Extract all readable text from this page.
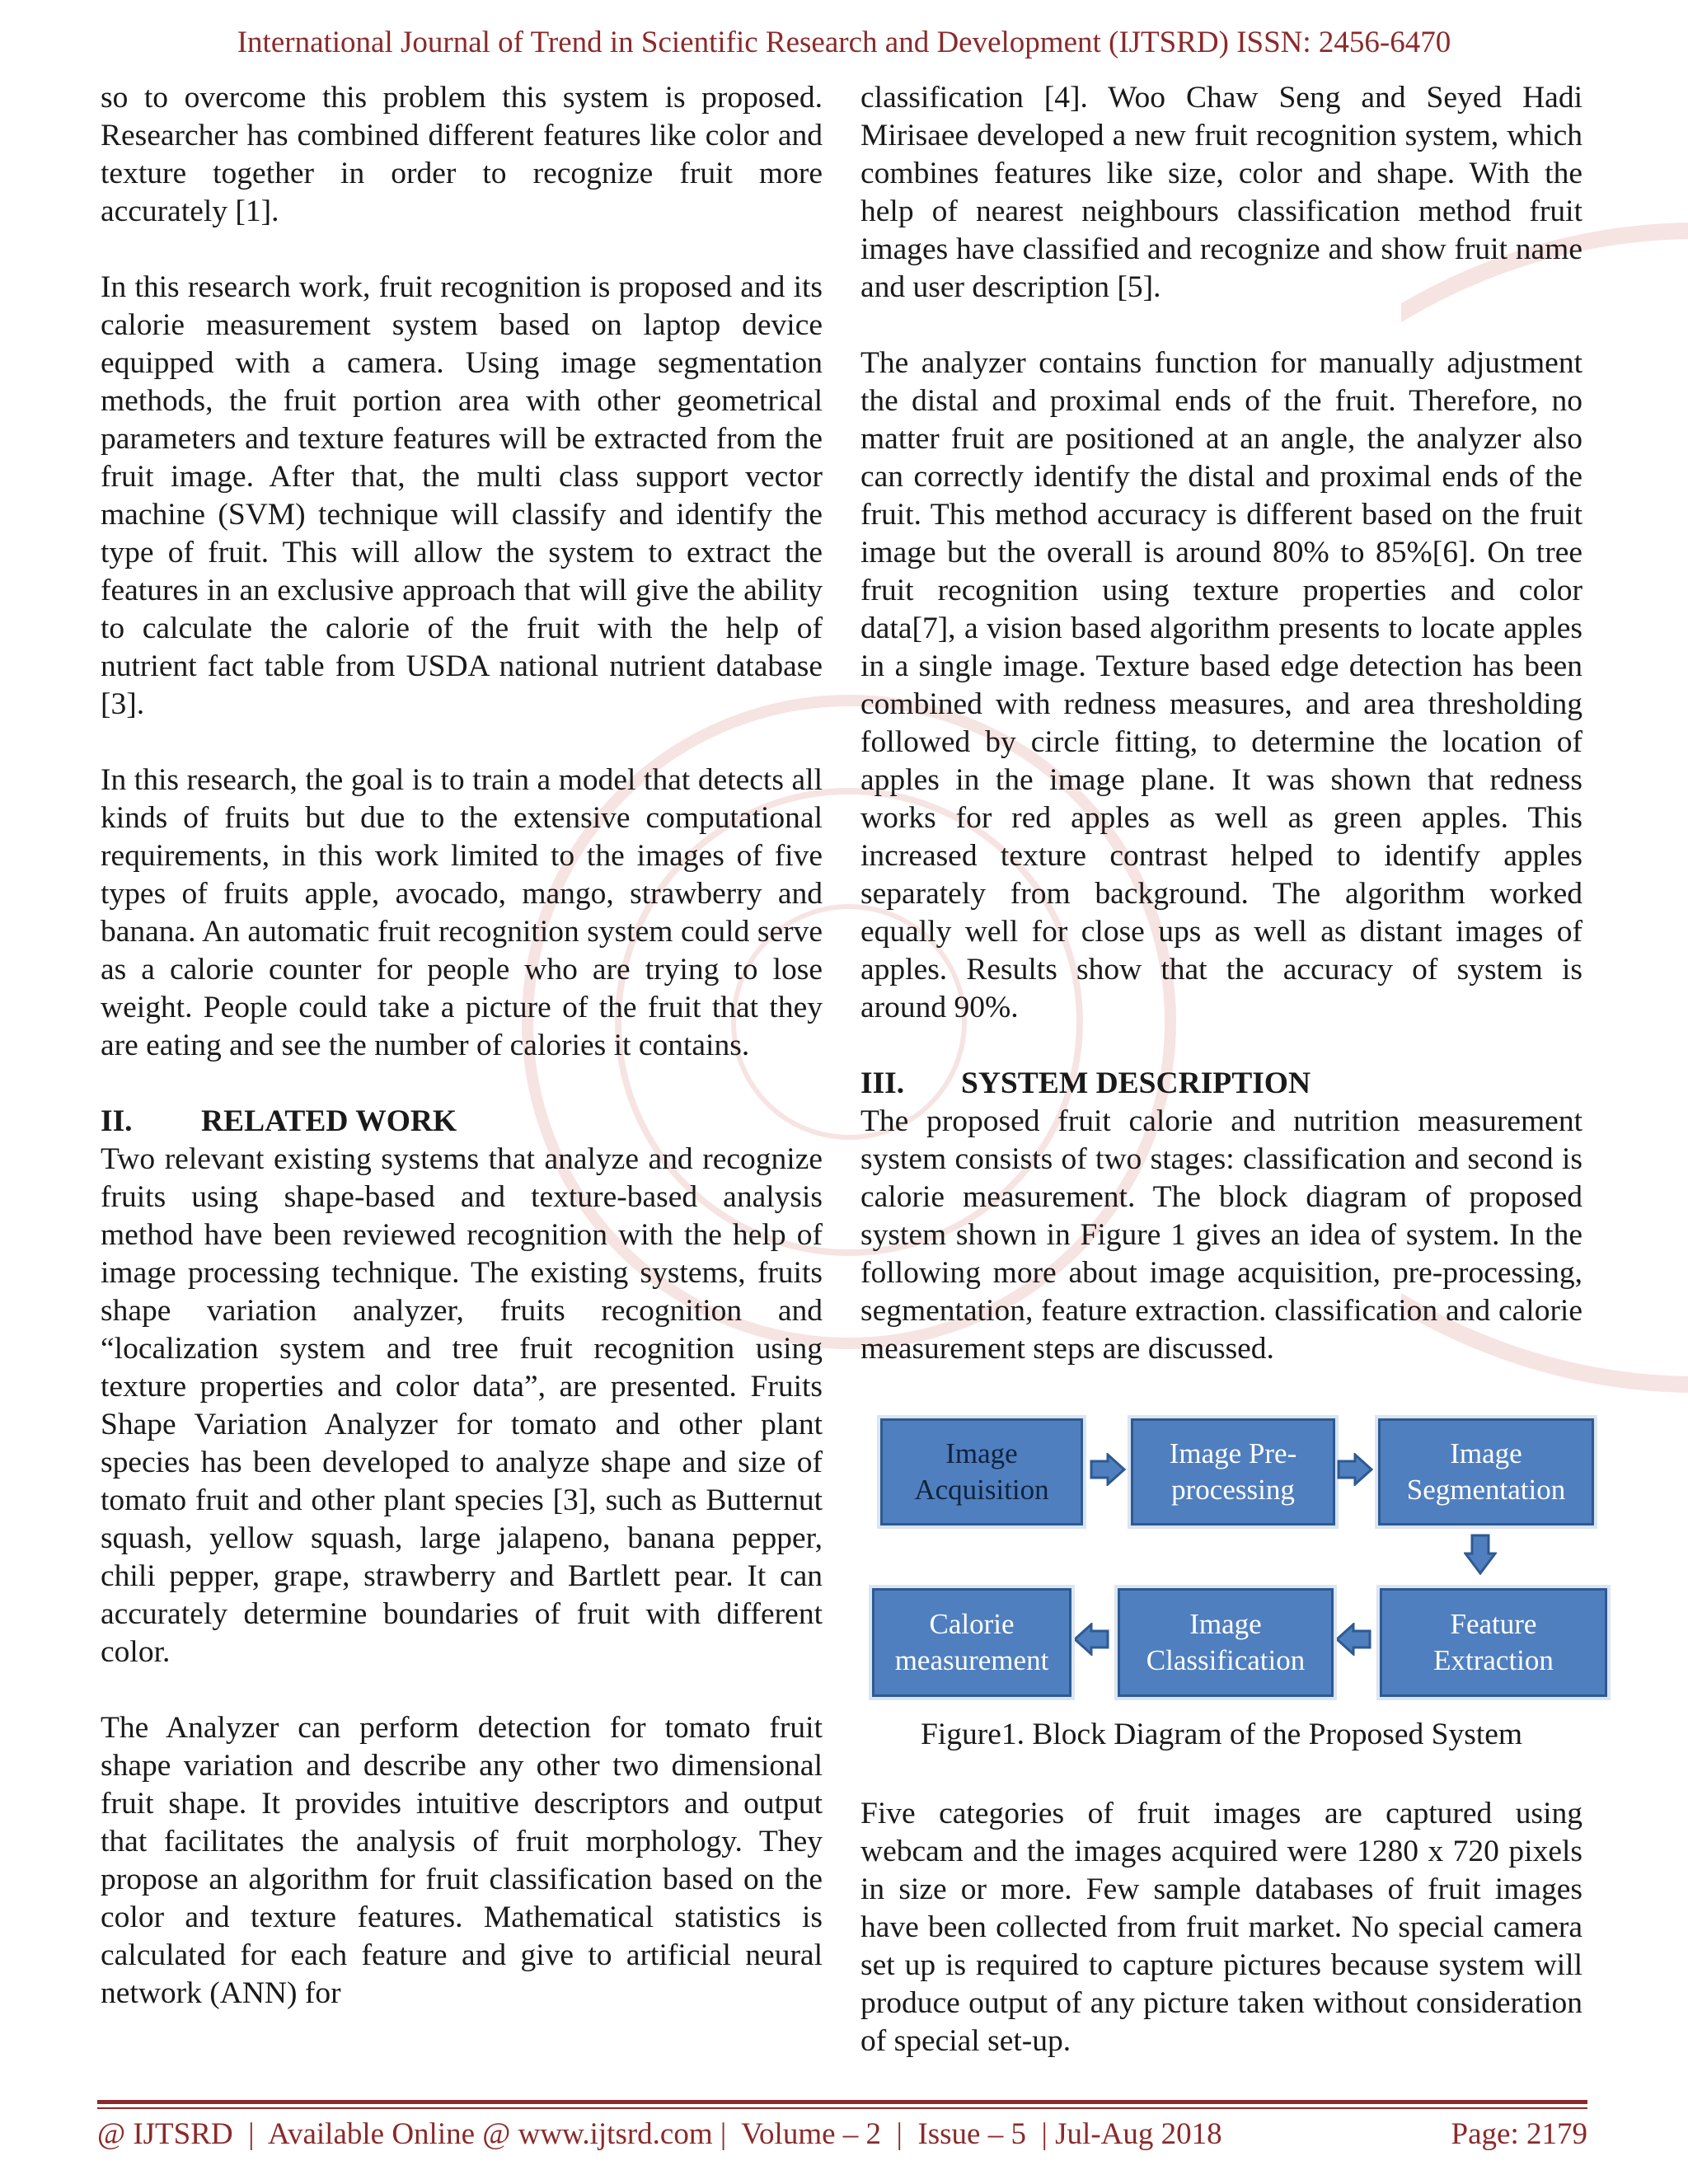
International Journal of Trend in Scientific Research and Development (IJTSRD) ISSN: 2456-6470

so to overcome this problem this system is proposed. Researcher has combined different features like color and texture together in order to recognize fruit more accurately [1].

In this research work, fruit recognition is proposed and its calorie measurement system based on laptop device equipped with a camera. Using image segmentation methods, the fruit portion area with other geometrical parameters and texture features will be extracted from the fruit image. After that, the multi class support vector machine (SVM) technique will classify and identify the type of fruit. This will allow the system to extract the features in an exclusive approach that will give the ability to calculate the calorie of the fruit with the help of nutrient fact table from USDA national nutrient database [3].

In this research, the goal is to train a model that detects all kinds of fruits but due to the extensive computational requirements, in this work limited to the images of five types of fruits apple, avocado, mango, strawberry and banana. An automatic fruit recognition system could serve as a calorie counter for people who are trying to lose weight. People could take a picture of the fruit that they are eating and see the number of calories it contains.

II.	RELATED WORK

Two relevant existing systems that analyze and recognize fruits using shape-based and texture-based analysis method have been reviewed recognition with the help of image processing technique. The existing systems, fruits shape variation analyzer, fruits recognition and “localization system and tree fruit recognition using texture properties and color data”, are presented. Fruits Shape Variation Analyzer for tomato and other plant species has been developed to analyze shape and size of tomato fruit and other plant species [3], such as Butternut squash, yellow squash, large jalapeno, banana pepper, chili pepper, grape, strawberry and Bartlett pear. It can accurately determine boundaries of fruit with different color.

The Analyzer can perform detection for tomato fruit shape variation and describe any other two dimensional fruit shape. It provides intuitive descriptors and output that facilitates the analysis of fruit morphology. They propose an algorithm for fruit classification based on the color and texture features. Mathematical statistics is calculated for each feature and give to artificial neural network (ANN) for

classification [4]. Woo Chaw Seng and Seyed Hadi Mirisaee developed a new fruit recognition system, which combines features like size, color and shape. With the help of nearest neighbours classification method fruit images have classified and recognize and show fruit name and user description [5].

The analyzer contains function for manually adjustment the distal and proximal ends of the fruit. Therefore, no matter fruit are positioned at an angle, the analyzer also can correctly identify the distal and proximal ends of the fruit. This method accuracy is different based on the fruit image but the overall is around 80% to 85%[6]. On tree fruit recognition using texture properties and color data[7], a vision based algorithm presents to locate apples in a single image. Texture based edge detection has been combined with redness measures, and area thresholding followed by circle fitting, to determine the location of apples in the image plane. It was shown that redness works for red apples as well as green apples. This increased texture contrast helped to identify apples separately from background. The algorithm worked equally well for close ups as well as distant images of apples. Results show that the accuracy of system is around 90%.

III.	SYSTEM DESCRIPTION

The proposed fruit calorie and nutrition measurement system consists of two stages: classification and second is calorie measurement. The block diagram of proposed system shown in Figure 1 gives an idea of system. In the following more about image acquisition, pre-processing, segmentation, feature extraction. classification and calorie measurement steps are discussed.

Image
Acquisition
Image Pre-
processing
Image
Segmentation
Feature
Extraction
Image
Classification
Calorie
measurement
Figure1. Block Diagram of the Proposed System

Five categories of fruit images are captured using webcam and the images acquired were 1280 x 720 pixels in size or more. Few sample databases of fruit images have been collected from fruit market. No special camera set up is required to capture pictures because system will produce output of any picture taken without consideration of special set-up.

@ IJTSRD  |  Available Online @ www.ijtsrd.com |  Volume – 2  |  Issue – 5  | Jul-Aug 2018	Page: 2179
